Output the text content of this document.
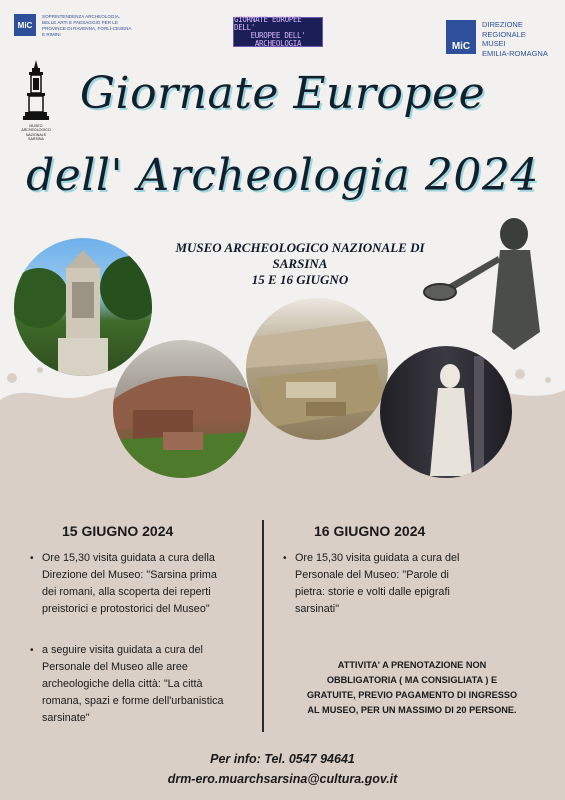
MiC
SOPRINTENDENZA ARCHEOLOGIA, BELLE ARTI E PAESAGGIO PER LE PROVINCE DI RAVENNA, FORLÌ-CESENA E RIMINI
GIORNATE EUROPEE DELL'
EUROPEE DELL'
ARCHEOLOGIA	MiC
DIREZIONE
REGIONALE
MUSEI
EMILIA-ROMAGNA
MUSEO ARCHEOLOGICO NAZIONALE SARSINA
Giornate Europee
dell' Archeologia 2024
MUSEO ARCHEOLOGICO NAZIONALE DI
SARSINA
15 E 16 GIUGNO
15 GIUGNO 2024
• Ore 15,30 visita guidata a cura della
Direzione del Museo: "Sarsina prima
dei romani, alla scoperta dei reperti
preistorici e protostorici del Museo"
• a seguire visita guidata a cura del
Personale del Museo alle aree
archeologiche della città: "La città
romana, spazi e forme dell'urbanistica
sarsinate"
16 GIUGNO 2024
• Ore 15,30 visita guidata a cura del
Personale del Museo: "Parole di
pietra: storie e volti dalle epigrafi
sarsinati"
ATTIVITA' A PRENOTAZIONE NON
OBBLIGATORIA ( MA CONSIGLIATA ) E
GRATUITE, PREVIO PAGAMENTO DI INGRESSO
AL MUSEO, PER UN MASSIMO DI 20 PERSONE.
Per info: Tel. 0547 94641
drm-ero.muarchsarsina@cultura.gov.it
